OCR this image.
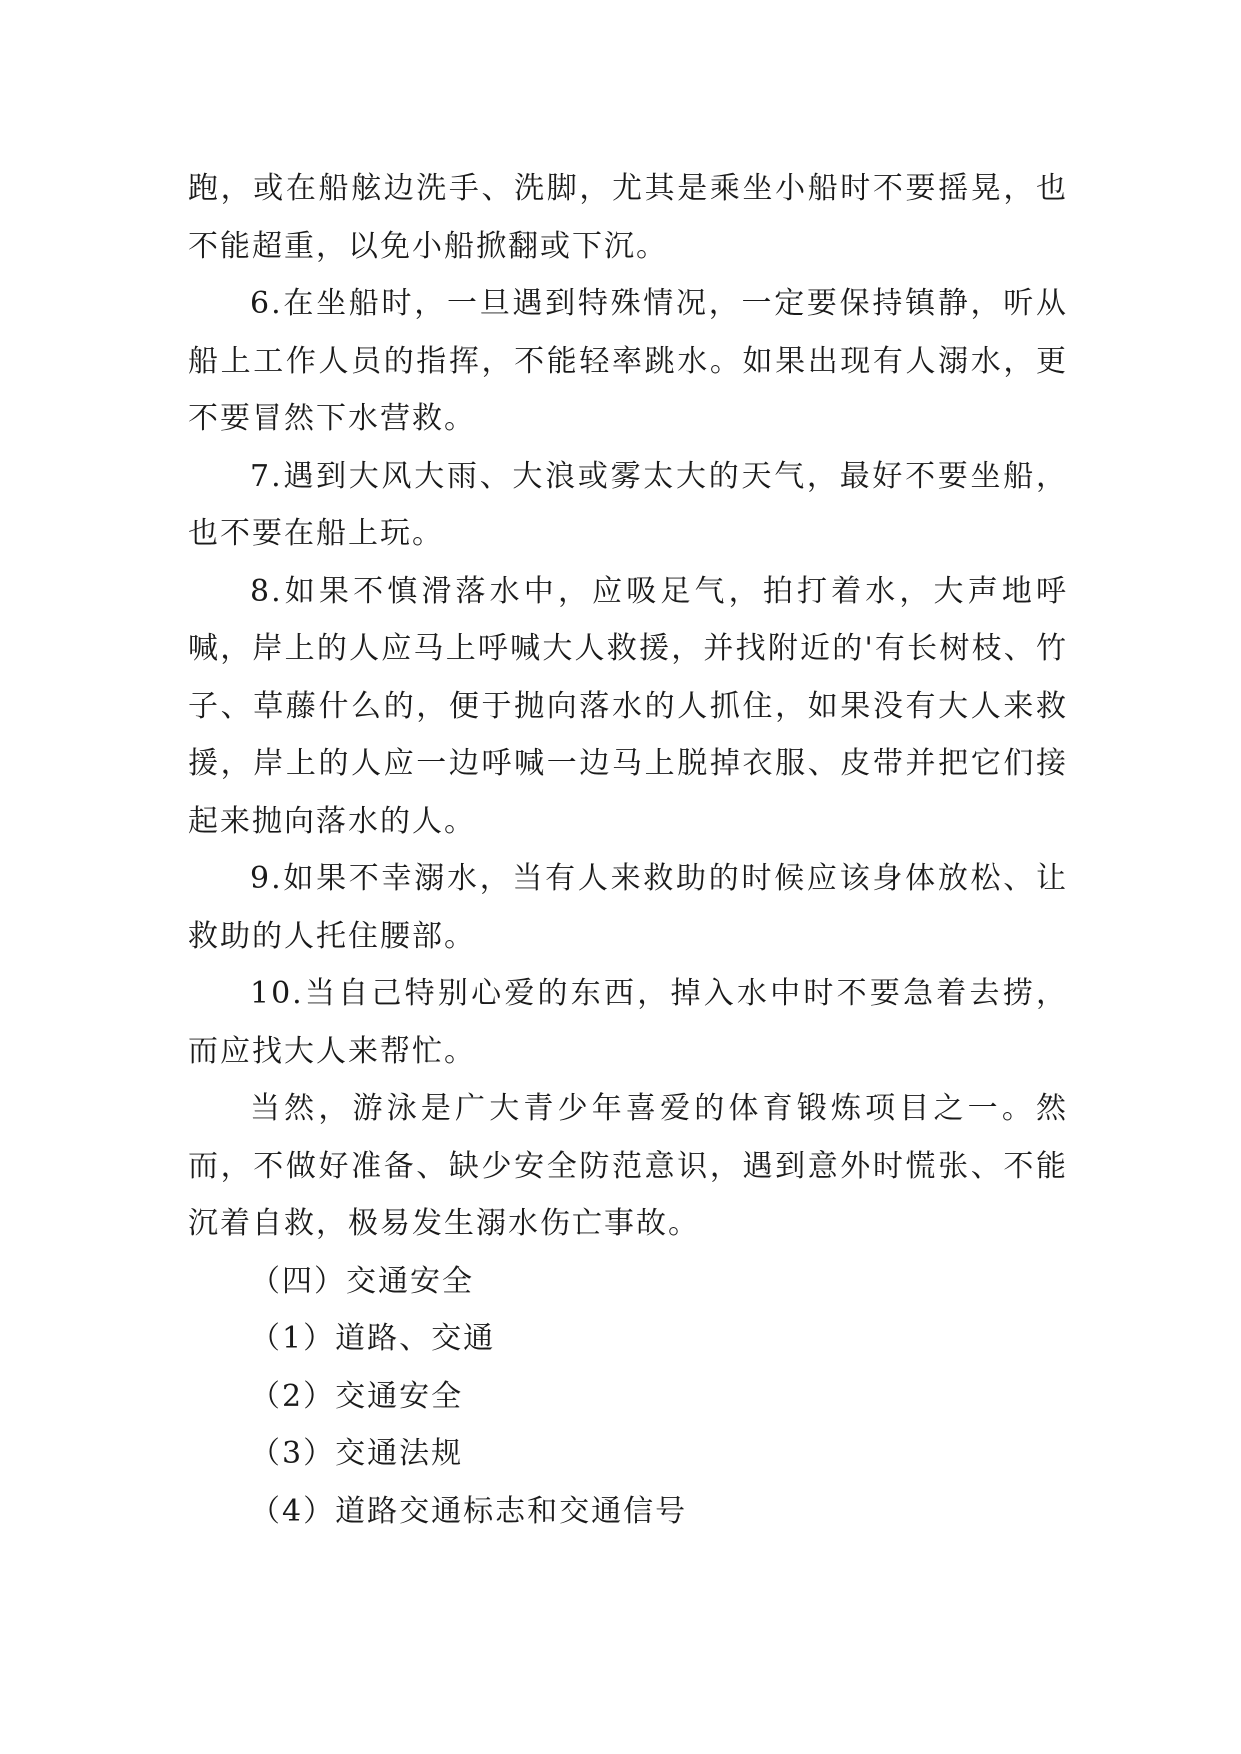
跑，或在船舷边洗手、洗脚，尤其是乘坐小船时不要摇晃，也不能超重，以免小船掀翻或下沉。

6.在坐船时，一旦遇到特殊情况，一定要保持镇静，听从船上工作人员的指挥，不能轻率跳水。如果出现有人溺水，更不要冒然下水营救。

7.遇到大风大雨、大浪或雾太大的天气，最好不要坐船，也不要在船上玩。

8.如果不慎滑落水中，应吸足气，拍打着水，大声地呼喊，岸上的人应马上呼喊大人救援，并找附近的'有长树枝、竹子、草藤什么的，便于抛向落水的人抓住，如果没有大人来救援，岸上的人应一边呼喊一边马上脱掉衣服、皮带并把它们接起来抛向落水的人。

9.如果不幸溺水，当有人来救助的时候应该身体放松、让救助的人托住腰部。

10.当自己特别心爱的东西，掉入水中时不要急着去捞，而应找大人来帮忙。

当然，游泳是广大青少年喜爱的体育锻炼项目之一。然而，不做好准备、缺少安全防范意识，遇到意外时慌张、不能沉着自救，极易发生溺水伤亡事故。

（四）交通安全

（1）道路、交通

（2）交通安全

（3）交通法规

（4）道路交通标志和交通信号
